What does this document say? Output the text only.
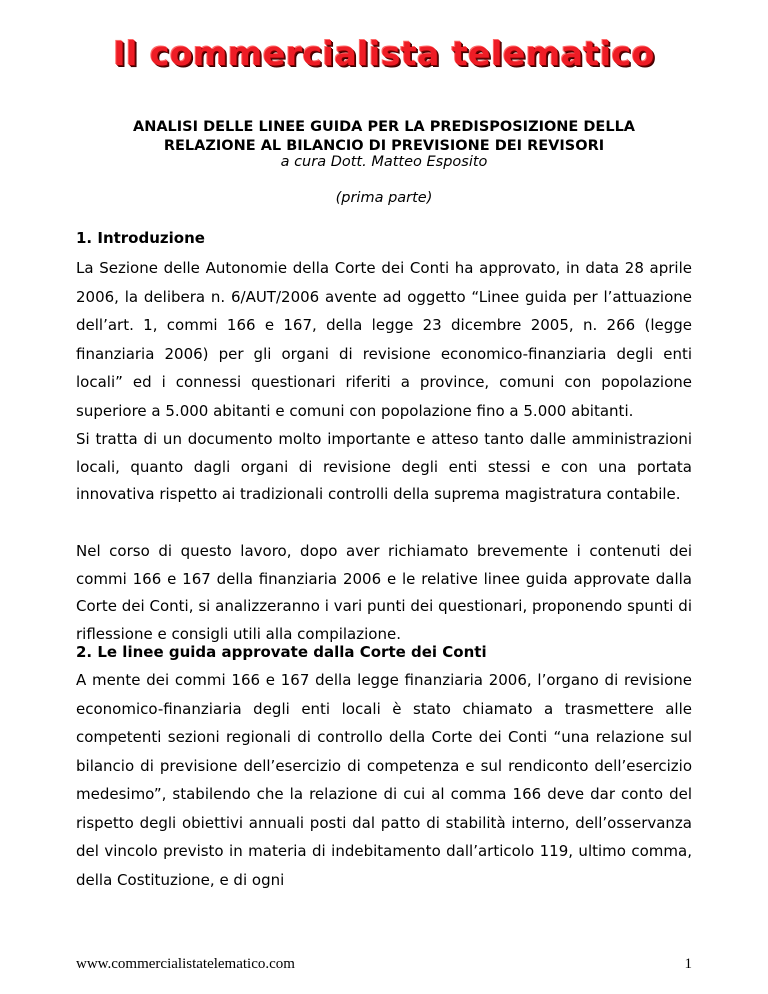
Il commercialista telematico
ANALISI DELLE LINEE GUIDA PER LA PREDISPOSIZIONE DELLA
RELAZIONE AL BILANCIO DI PREVISIONE DEI REVISORI
a cura Dott. Matteo Esposito
(prima parte)
1. Introduzione
La Sezione delle Autonomie della Corte dei Conti ha approvato, in data 28 aprile 2006, la delibera n. 6/AUT/2006 avente ad oggetto “Linee guida per l’attuazione dell’art. 1, commi 166 e 167, della legge 23 dicembre 2005, n. 266 (legge finanziaria 2006) per gli organi di revisione economico-finanziaria degli enti locali” ed i connessi questionari riferiti a province, comuni con popolazione superiore a 5.000 abitanti e comuni con popolazione fino a 5.000 abitanti.
Si tratta di un documento molto importante e atteso tanto dalle amministrazioni locali, quanto dagli organi di revisione degli enti stessi e con una portata innovativa rispetto ai tradizionali controlli della suprema magistratura contabile.
Nel corso di questo lavoro, dopo aver richiamato brevemente i contenuti dei commi 166 e 167 della finanziaria 2006 e le relative linee guida approvate dalla Corte dei Conti, si analizzeranno i vari punti dei questionari, proponendo spunti di riflessione e consigli utili alla compilazione.
2. Le linee guida approvate dalla Corte dei Conti
A mente dei commi 166 e 167 della legge finanziaria 2006, l’organo di revisione economico-finanziaria degli enti locali è stato chiamato a trasmettere alle competenti sezioni regionali di controllo della Corte dei Conti “una relazione sul bilancio di previsione dell’esercizio di competenza e sul rendiconto dell’esercizio medesimo”, stabilendo che la relazione di cui al comma 166 deve dar conto del rispetto degli obiettivi annuali posti dal patto di stabilità interno, dell’osservanza del vincolo previsto in materia di indebitamento dall’articolo 119, ultimo comma, della Costituzione, e di ogni
www.commercialistatelematico.com	1
